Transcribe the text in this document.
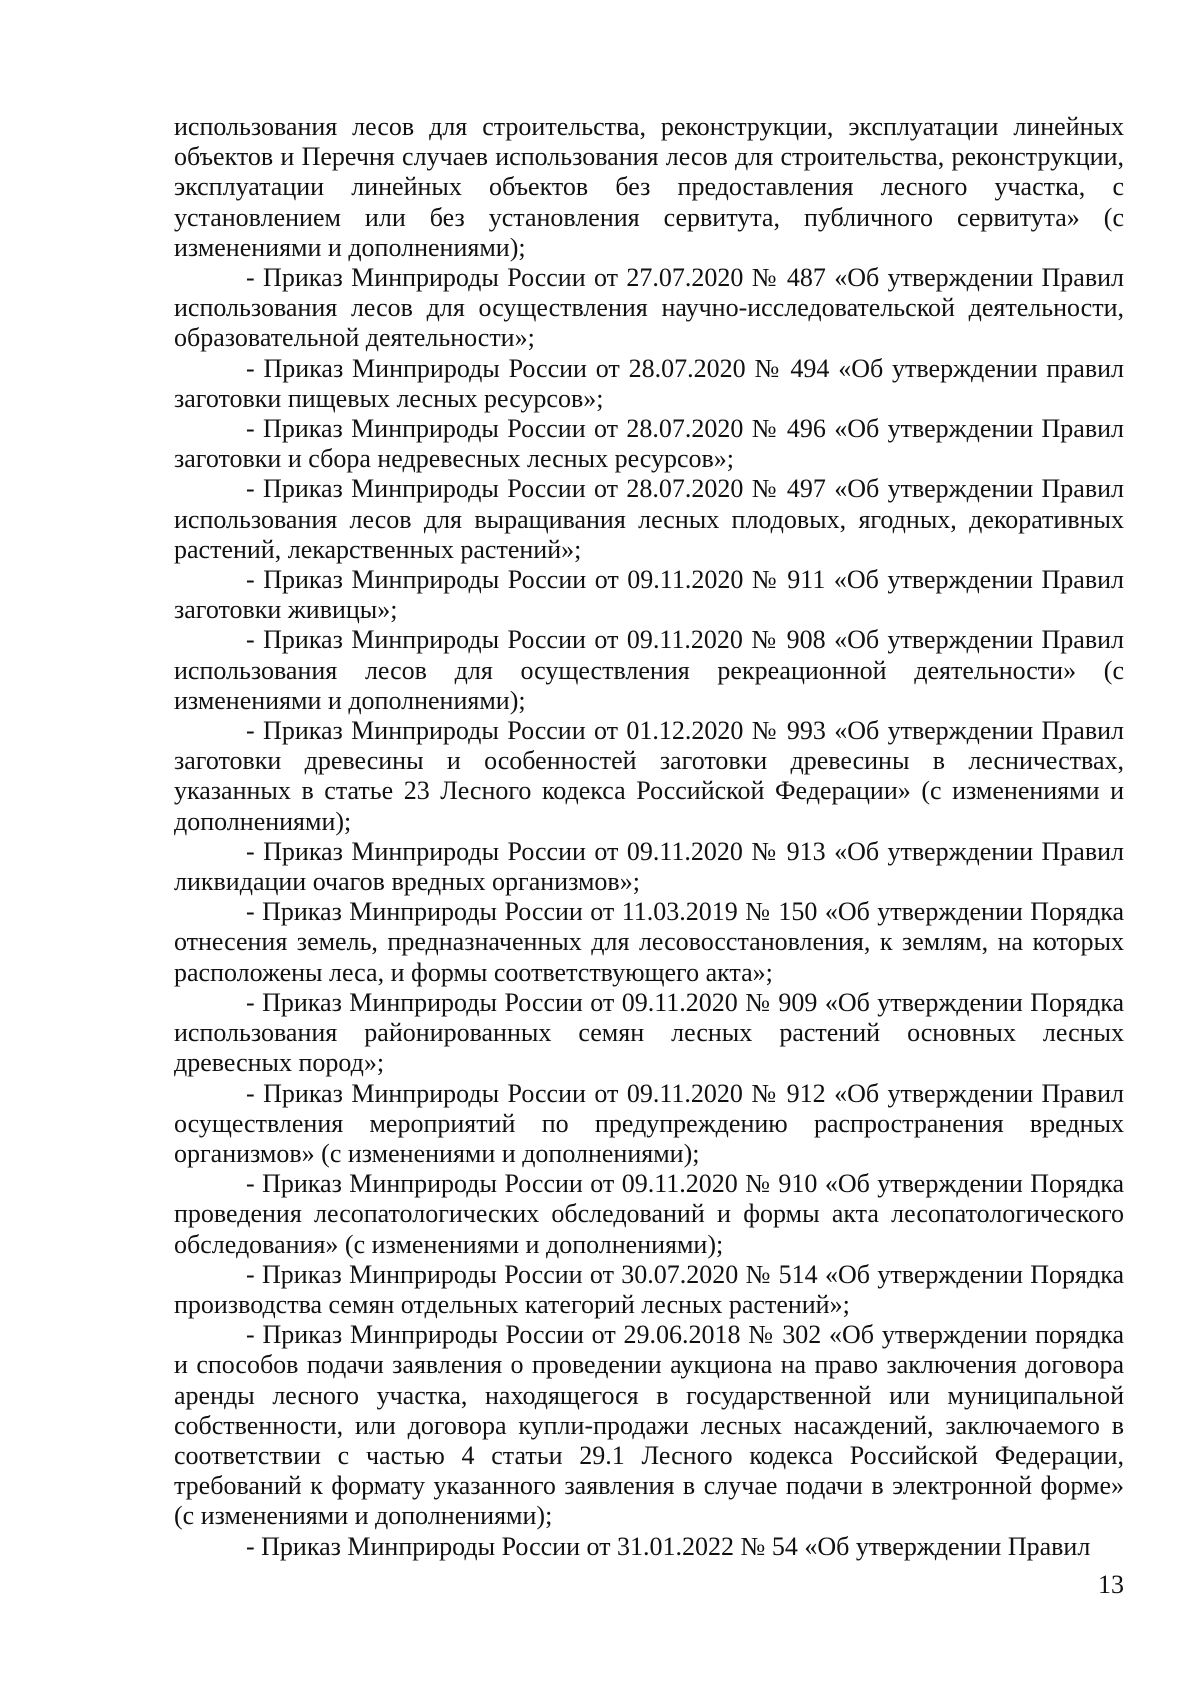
использования лесов для строительства, реконструкции, эксплуатации линейных объектов и Перечня случаев использования лесов для строительства, реконструкции, эксплуатации линейных объектов без предоставления лесного участка, с установлением или без установления сервитута, публичного сервитута» (с изменениями и дополнениями);

- Приказ Минприроды России от 27.07.2020 № 487 «Об утверждении Правил использования лесов для осуществления научно-исследовательской деятельности, образовательной деятельности»;

- Приказ Минприроды России от 28.07.2020 № 494 «Об утверждении правил заготовки пищевых лесных ресурсов»;

- Приказ Минприроды России от 28.07.2020 № 496 «Об утверждении Правил заготовки и сбора недревесных лесных ресурсов»;

- Приказ Минприроды России от 28.07.2020 № 497 «Об утверждении Правил использования лесов для выращивания лесных плодовых, ягодных, декоративных растений, лекарственных растений»;

- Приказ Минприроды России от 09.11.2020 № 911 «Об утверждении Правил заготовки живицы»;

- Приказ Минприроды России от 09.11.2020 № 908 «Об утверждении Правил использования лесов для осуществления рекреационной деятельности» (с изменениями и дополнениями);

- Приказ Минприроды России от 01.12.2020 № 993 «Об утверждении Правил заготовки древесины и особенностей заготовки древесины в лесничествах, указанных в статье 23 Лесного кодекса Российской Федерации» (с изменениями и дополнениями);

- Приказ Минприроды России от 09.11.2020 № 913 «Об утверждении Правил ликвидации очагов вредных организмов»;

- Приказ Минприроды России от 11.03.2019 № 150 «Об утверждении Порядка отнесения земель, предназначенных для лесовосстановления, к землям, на которых расположены леса, и формы соответствующего акта»;

- Приказ Минприроды России от 09.11.2020 № 909 «Об утверждении Порядка использования районированных семян лесных растений основных лесных древесных пород»;

- Приказ Минприроды России от 09.11.2020 № 912 «Об утверждении Правил осуществления мероприятий по предупреждению распространения вредных организмов» (с изменениями и дополнениями);

- Приказ Минприроды России от 09.11.2020 № 910 «Об утверждении Порядка проведения лесопатологических обследований и формы акта лесопатологического обследования» (с изменениями и дополнениями);

- Приказ Минприроды России от 30.07.2020 № 514 «Об утверждении Порядка производства семян отдельных категорий лесных растений»;

- Приказ Минприроды России от 29.06.2018 № 302 «Об утверждении порядка и способов подачи заявления о проведении аукциона на право заключения договора аренды лесного участка, находящегося в государственной или муниципальной собственности, или договора купли-продажи лесных насаждений, заключаемого в соответствии с частью 4 статьи 29.1 Лесного кодекса Российской Федерации, требований к формату указанного заявления в случае подачи в электронной форме» (с изменениями и дополнениями);

- Приказ Минприроды России от 31.01.2022 № 54 «Об утверждении Правил

13
